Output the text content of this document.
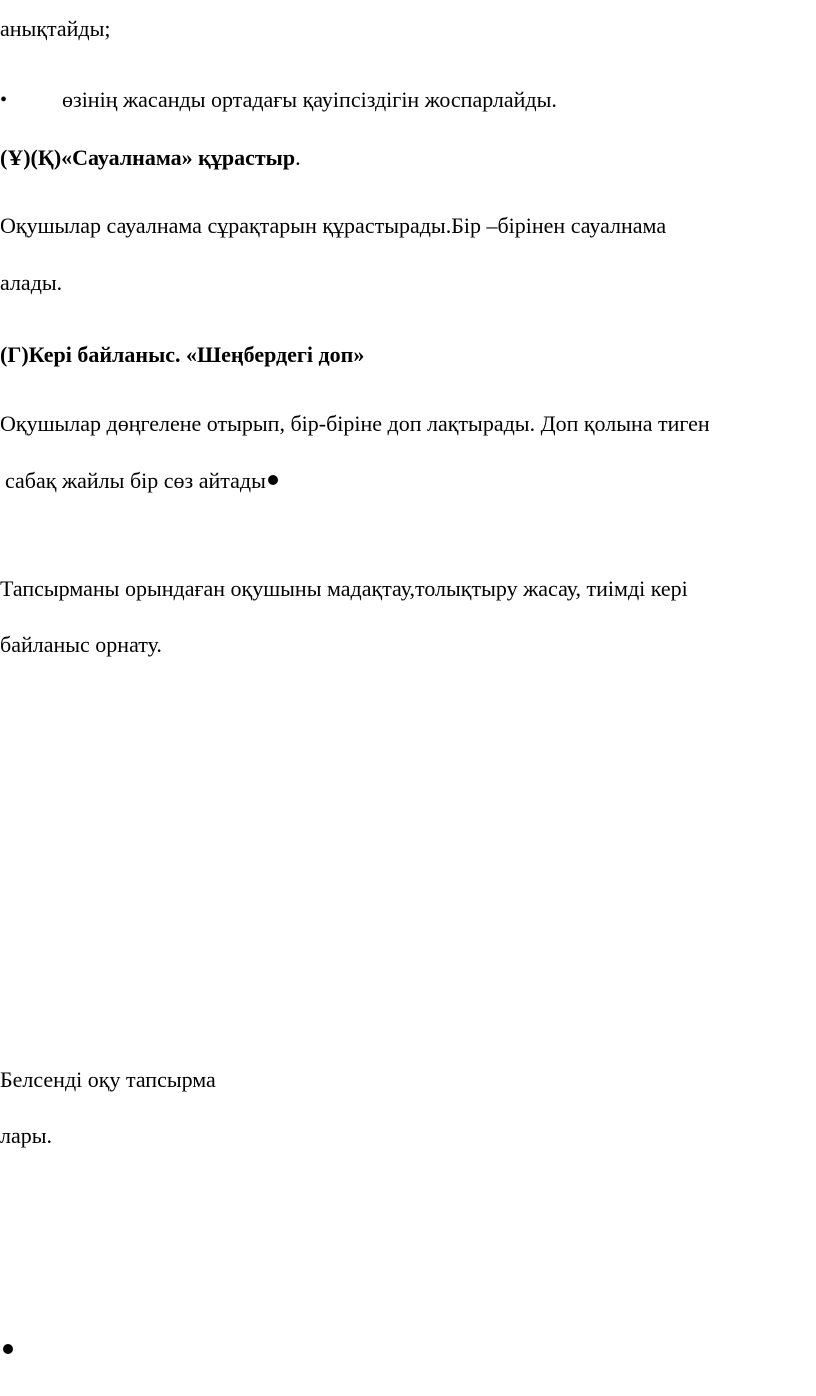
анықтайды;
• өзінің жасанды ортадағы қауіпсіздігін жоспарлайды.
(Ұ)(Қ)«Сауалнама» құрастыр.
Оқушылар сауалнама сұрақтарын құрастырады.Бір –бірінен сауалнама
алады.
(Г)Кері байланыс. «Шеңбердегі доп»
Оқушылар дөңгелене отырып, бір-біріне доп лақтырады. Доп қолына тиген
сабақ жайлы бір сөз айтады
Тапсырманы орындаған оқушыны мадақтау,толықтыру жасау, тиімді кері
байланыс орнату.
Белсенді оқу тапсырма
лары.
